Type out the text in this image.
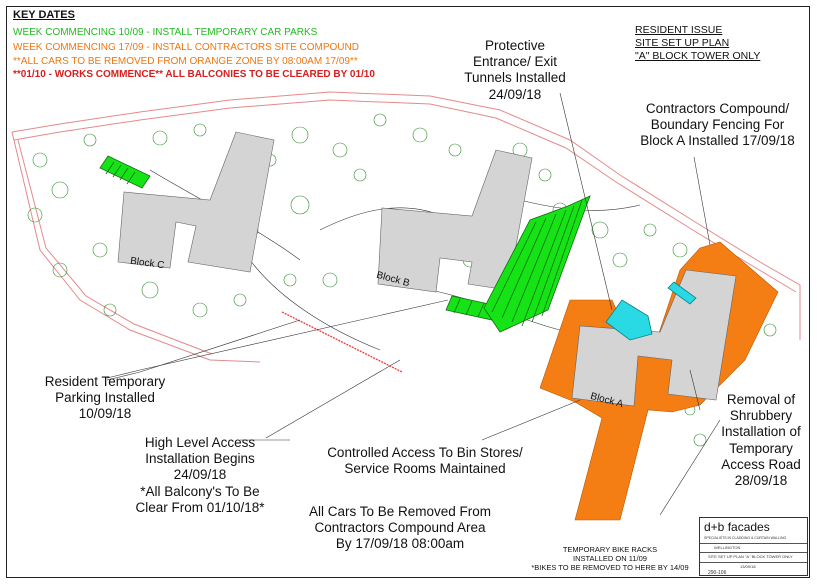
KEY DATES
WEEK COMMENCING 10/09 - INSTALL TEMPORARY CAR PARKS
WEEK COMMENCING 17/09 - INSTALL CONTRACTORS SITE COMPOUND
**ALL CARS TO BE REMOVED FROM ORANGE ZONE BY 08:00AM 17/09**
**01/10 - WORKS COMMENCE** ALL BALCONIES TO BE CLEARED BY 01/10
RESIDENT ISSUE
SITE SET UP PLAN
"A" BLOCK TOWER ONLY
Protective
Entrance/ Exit
Tunnels Installed
24/09/18
Contractors Compound/
Boundary Fencing For
Block A Installed 17/09/18
Resident Temporary
Parking Installed
10/09/18
High Level Access
Installation Begins
24/09/18
*All Balcony's To Be
Clear From 01/10/18*
Controlled Access To Bin Stores/
Service Rooms Maintained
All Cars To Be Removed From
Contractors Compound Area
By 17/09/18 08:00am
Removal of
Shrubbery
Installation of
Temporary
Access Road
28/09/18
TEMPORARY BIKE RACKS
INSTALLED ON 11/09
*BIKES TO BE REMOVED TO HERE BY 14/09
Block C
Block B
Block A
d+b facades
SPECIALISTS IN CLADDING & CURTAIN WALLING
WELLINGTON
SITE SET UP PLAN "A" BLOCK TOWER ONLY
13/09/18
290-106
